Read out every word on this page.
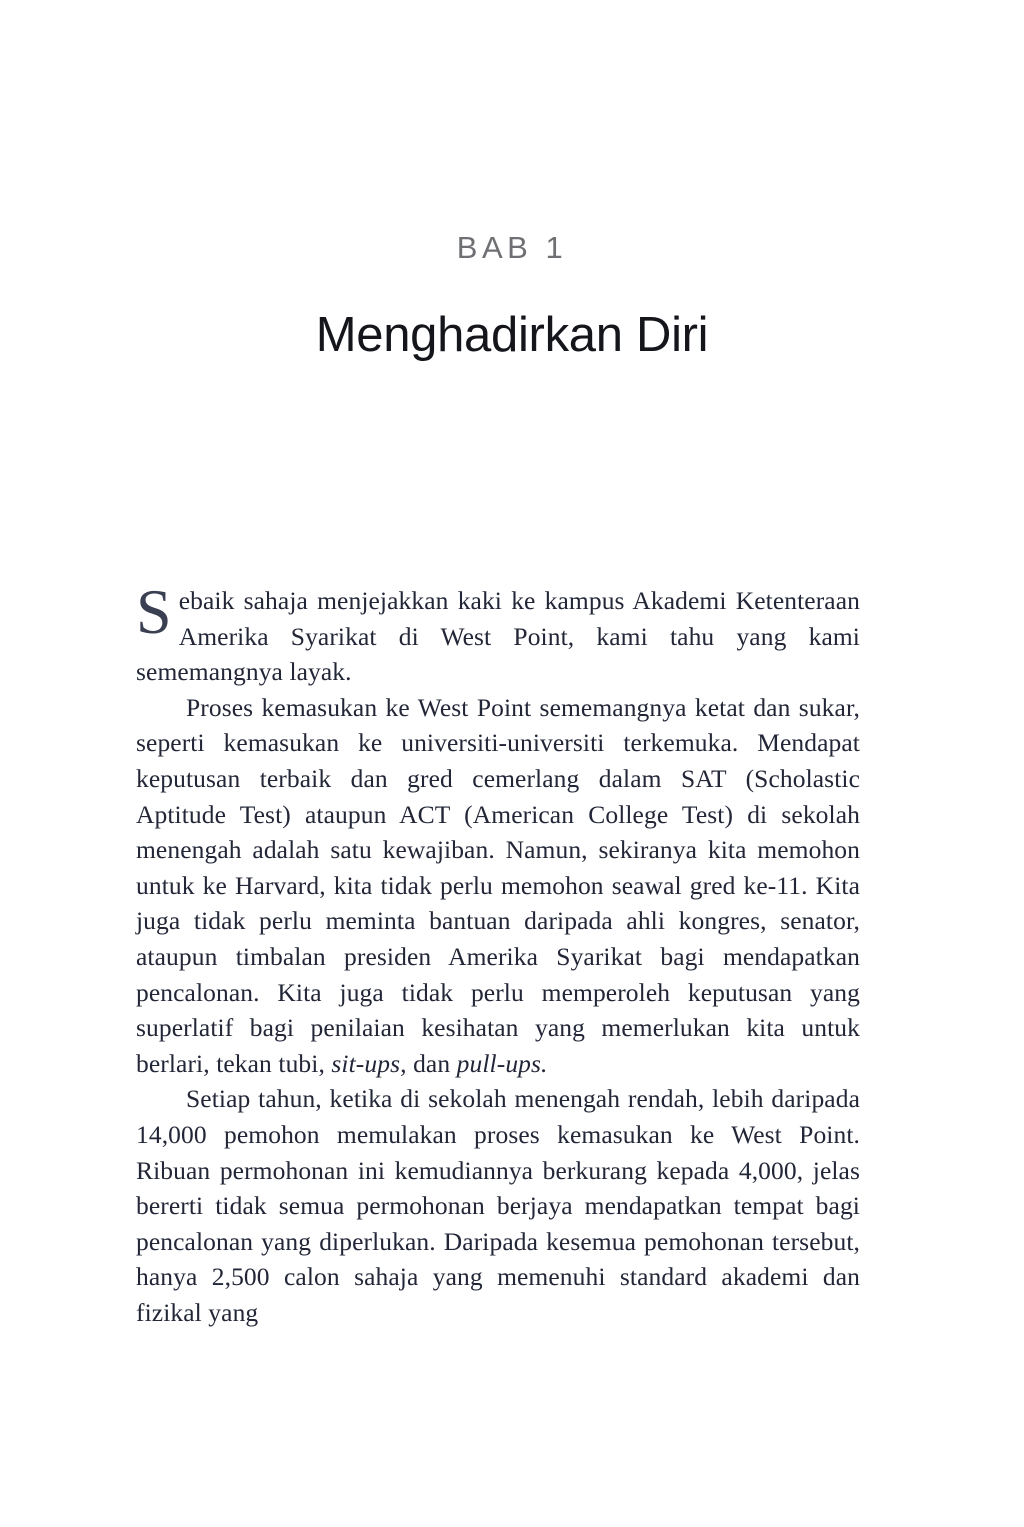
BAB 1
Menghadirkan Diri

Sebaik sahaja menjejakkan kaki ke kampus Akademi Ketenteraan Amerika Syarikat di West Point, kami tahu yang kami sememangnya layak.

Proses kemasukan ke West Point sememangnya ketat dan sukar, seperti kemasukan ke universiti-universiti terkemuka. Mendapat keputusan terbaik dan gred cemerlang dalam SAT (Scholastic Aptitude Test) ataupun ACT (American College Test) di sekolah menengah adalah satu kewajiban. Namun, sekiranya kita memohon untuk ke Harvard, kita tidak perlu memohon seawal gred ke-11. Kita juga tidak perlu meminta bantuan daripada ahli kongres, senator, ataupun timbalan presiden Amerika Syarikat bagi mendapatkan pencalonan. Kita juga tidak perlu memperoleh keputusan yang superlatif bagi penilaian kesihatan yang memerlukan kita untuk berlari, tekan tubi, sit-ups, dan pull-ups.

Setiap tahun, ketika di sekolah menengah rendah, lebih daripada 14,000 pemohon memulakan proses kemasukan ke West Point. Ribuan permohonan ini kemudiannya berkurang kepada 4,000, jelas bererti tidak semua permohonan berjaya mendapatkan tempat bagi pencalonan yang diperlukan. Daripada kesemua pemohonan tersebut, hanya 2,500 calon sahaja yang memenuhi standard akademi dan fizikal yang
